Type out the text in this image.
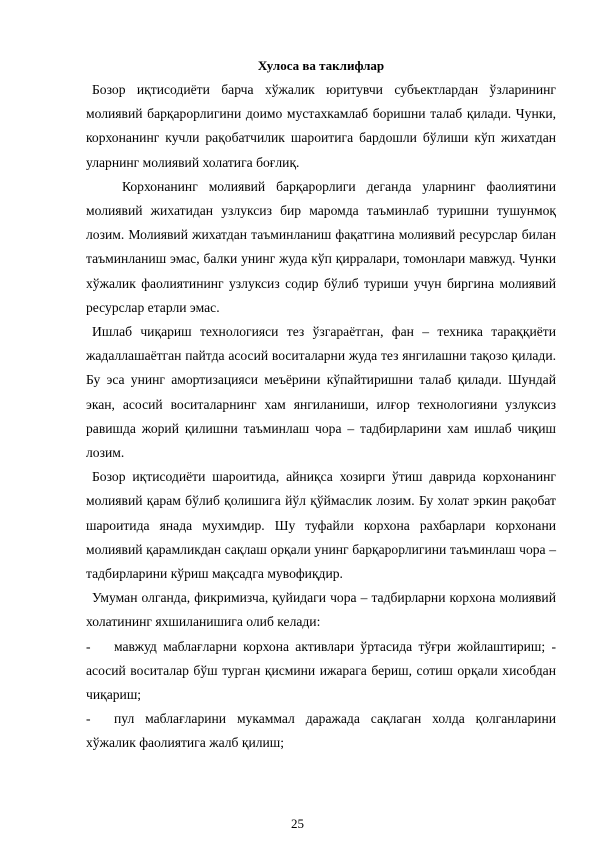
Хулоса ва таклифлар

Бозор иқтисодиёти барча хўжалик юритувчи субъектлардан ўзларининг молиявий барқарорлигини доимо мустахкамлаб боришни талаб қилади. Чунки, корхонанинг кучли рақобатчилик шароитига бардошли бўлиши кўп жихатдан уларнинг молиявий холатига боғлиқ.

Корхонанинг молиявий барқарорлиги деганда уларнинг фаолиятини молиявий жихатидан узлуксиз бир маромда таъминлаб туришни тушунмоқ лозим. Молиявий жихатдан таъминланиш фақатгина молиявий ресурслар билан таъминланиш эмас, балки унинг жуда кўп қирралари, томонлари мавжуд. Чунки хўжалик фаолиятининг узлуксиз содир бўлиб туриши учун биргина молиявий ресурслар етарли эмас.

Ишлаб чиқариш технологияси тез ўзгараётган, фан – техника тараққиёти жадаллашаётган пайтда асосий воситаларни жуда тез янгилашни тақозо қилади. Бу эса унинг амортизацияси меъёрини кўпайтиришни талаб қилади. Шундай экан, асосий воситаларнинг хам янгиланиши, илғор технологияни узлуксиз равишда жорий қилишни таъминлаш чора – тадбирларини хам ишлаб чиқиш лозим.

Бозор иқтисодиёти шароитида, айниқса хозирги ўтиш даврида корхонанинг молиявий қарам бўлиб қолишига йўл қўймаслик лозим. Бу холат эркин рақобат шароитида янада мухимдир. Шу туфайли корхона рахбарлари корхонани молиявий қарамликдан сақлаш орқали унинг барқарорлигини таъминлаш чора – тадбирларини кўриш мақсадга мувофиқдир.

Умуман олганда, фикримизча, қуйидаги чора – тадбирларни корхона молиявий холатининг яхшиланишига олиб келади:

- мавжуд маблағларни корхона активлари ўртасида тўғри жойлаштириш; - асосий воситалар бўш турган қисмини ижарага бериш, сотиш орқали хисобдан чиқариш;
- пул маблағларини мукаммал даражада сақлаган холда қолганларини хўжалик фаолиятига жалб қилиш;
25
